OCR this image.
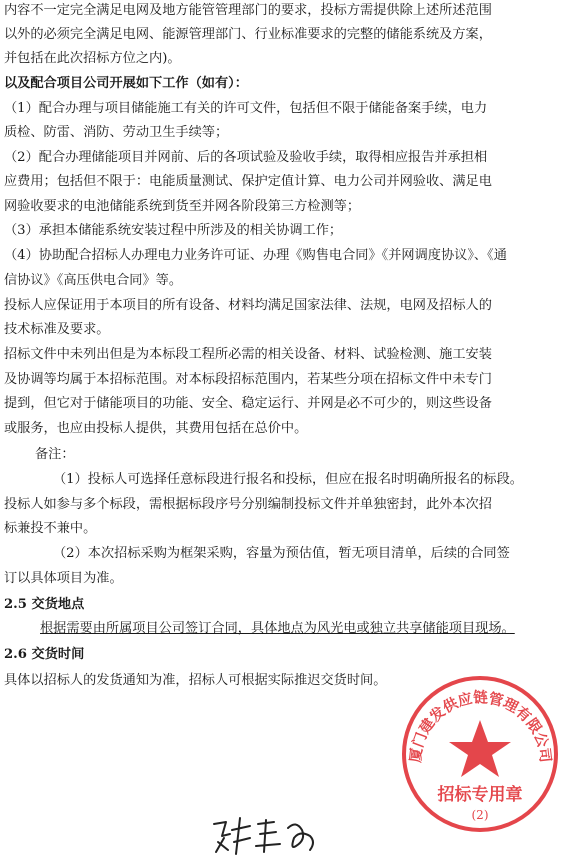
内容不一定完全满足电网及地方能管管理部门的要求，投标方需提供除上述所述范围
以外的必须完全满足电网、能源管理部门、行业标准要求的完整的储能系统及方案，
并包括在此次招标方位之内)。
以及配合项目公司开展如下工作（如有）：
（1）配合办理与项目储能施工有关的许可文件，包括但不限于储能备案手续，电力
质检、防雷、消防、劳动卫生手续等；
（2）配合办理储能项目并网前、后的各项试验及验收手续，取得相应报告并承担相
应费用；包括但不限于：电能质量测试、保护定值计算、电力公司并网验收、满足电
网验收要求的电池储能系统到货至并网各阶段第三方检测等；
（3）承担本储能系统安装过程中所涉及的相关协调工作；
（4）协助配合招标人办理电力业务许可证、办理《购售电合同》《并网调度协议》、《通
信协议》《高压供电合同》等。
投标人应保证用于本项目的所有设备、材料均满足国家法律、法规，电网及招标人的
技术标准及要求。
招标文件中未列出但是为本标段工程所必需的相关设备、材料、试验检测、施工安装
及协调等均属于本招标范围。对本标段招标范围内，若某些分项在招标文件中未专门
提到，但它对于储能项目的功能、安全、稳定运行、并网是必不可少的，则这些设备
或服务，也应由投标人提供，其费用包括在总价中。
备注：
（1）投标人可选择任意标段进行报名和投标，但应在报名时明确所报名的标段。
投标人如参与多个标段，需根据标段序号分别编制投标文件并单独密封，此外本次招
标兼投不兼中。
（2）本次招标采购为框架采购，容量为预估值，暂无项目清单，后续的合同签
订以具体项目为准。
2.5 交货地点
根据需要由所属项目公司签订合同，具体地点为风光电或独立共享储能项目现场。
2.6 交货时间
具体以招标人的发货通知为准，招标人可根据实际推迟交货时间。
厦门建发供应链管理有限公司
招标专用章
(2)
